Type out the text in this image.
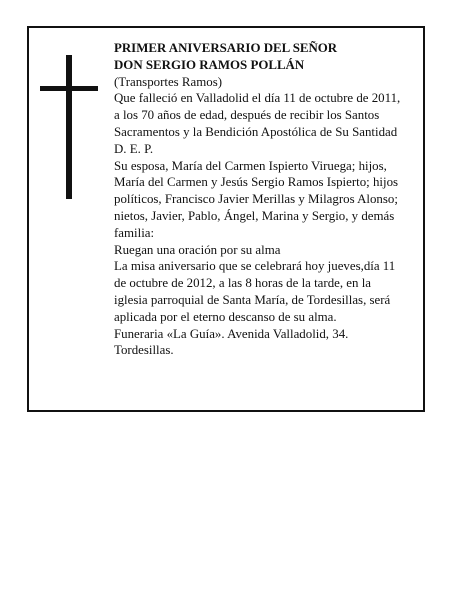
PRIMER ANIVERSARIO DEL SEÑOR
DON SERGIO RAMOS POLLÁN
(Transportes Ramos)

Que falleció en Valladolid el día 11 de octubre de 2011,

a los 70 años de edad, después de recibir los Santos

Sacramentos y la Bendición Apostólica de Su Santidad

D. E. P.

Su esposa, María del Carmen Ispierto Viruega; hijos,

María del Carmen y Jesús Sergio Ramos Ispierto; hijos

políticos, Francisco Javier Merillas y Milagros Alonso;

nietos, Javier, Pablo, Ángel, Marina y Sergio, y demás

familia:

Ruegan una oración por su alma

La misa aniversario que se celebrará hoy jueves,día 11

de octubre de 2012, a las 8 horas de la tarde, en la

iglesia parroquial de Santa María, de Tordesillas, será

aplicada por el eterno descanso de su alma.

Funeraria «La Guía». Avenida Valladolid, 34.

Tordesillas.
